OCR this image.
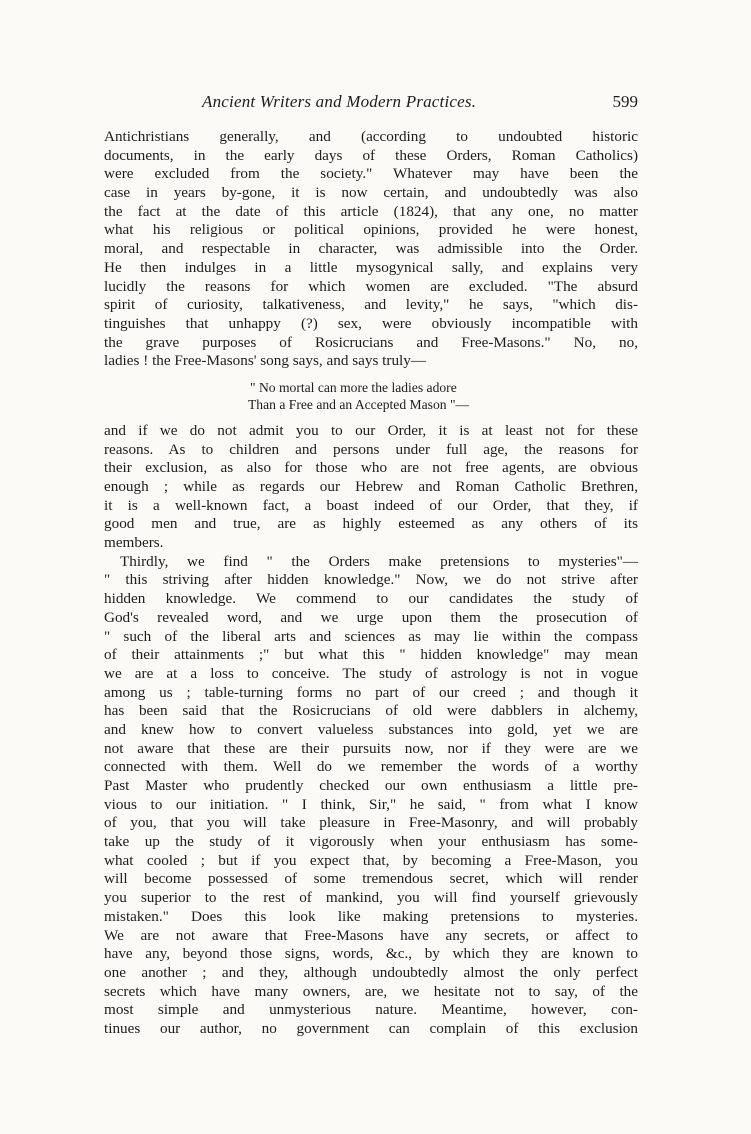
Ancient Writers and Modern Practices.	599
Antichristians generally, and (according to undoubted historic
documents, in the early days of these Orders, Roman Catholics)
were excluded from the society." Whatever may have been the
case in years by-gone, it is now certain, and undoubtedly was also
the fact at the date of this article (1824), that any one, no matter
what his religious or political opinions, provided he were honest,
moral, and respectable in character, was admissible into the Order.
He then indulges in a little mysogynical sally, and explains very
lucidly the reasons for which women are excluded. "The absurd
spirit of curiosity, talkativeness, and levity," he says, "which dis-
tinguishes that unhappy (?) sex, were obviously incompatible with
the grave purposes of Rosicrucians and Free-Masons." No, no,
ladies ! the Free-Masons' song says, and says truly—
" No mortal can more the ladies adore
Than a Free and an Accepted Mason "—
and if we do not admit you to our Order, it is at least not for these
reasons. As to children and persons under full age, the reasons for
their exclusion, as also for those who are not free agents, are obvious
enough ; while as regards our Hebrew and Roman Catholic Brethren,
it is a well-known fact, a boast indeed of our Order, that they, if
good men and true, are as highly esteemed as any others of its
members.
Thirdly, we find " the Orders make pretensions to mysteries"—
" this striving after hidden knowledge." Now, we do not strive after
hidden knowledge. We commend to our candidates the study of
God's revealed word, and we urge upon them the prosecution of
" such of the liberal arts and sciences as may lie within the compass
of their attainments ;" but what this " hidden knowledge" may mean
we are at a loss to conceive. The study of astrology is not in vogue
among us ; table-turning forms no part of our creed ; and though it
has been said that the Rosicrucians of old were dabblers in alchemy,
and knew how to convert valueless substances into gold, yet we are
not aware that these are their pursuits now, nor if they were are we
connected with them. Well do we remember the words of a worthy
Past Master who prudently checked our own enthusiasm a little pre-
vious to our initiation. " I think, Sir," he said, " from what I know
of you, that you will take pleasure in Free-Masonry, and will probably
take up the study of it vigorously when your enthusiasm has some-
what cooled ; but if you expect that, by becoming a Free-Mason, you
will become possessed of some tremendous secret, which will render
you superior to the rest of mankind, you will find yourself grievously
mistaken." Does this look like making pretensions to mysteries.
We are not aware that Free-Masons have any secrets, or affect to
have any, beyond those signs, words, &c., by which they are known to
one another ; and they, although undoubtedly almost the only perfect
secrets which have many owners, are, we hesitate not to say, of the
most simple and unmysterious nature. Meantime, however, con-
tinues our author, no government can complain of this exclusion
